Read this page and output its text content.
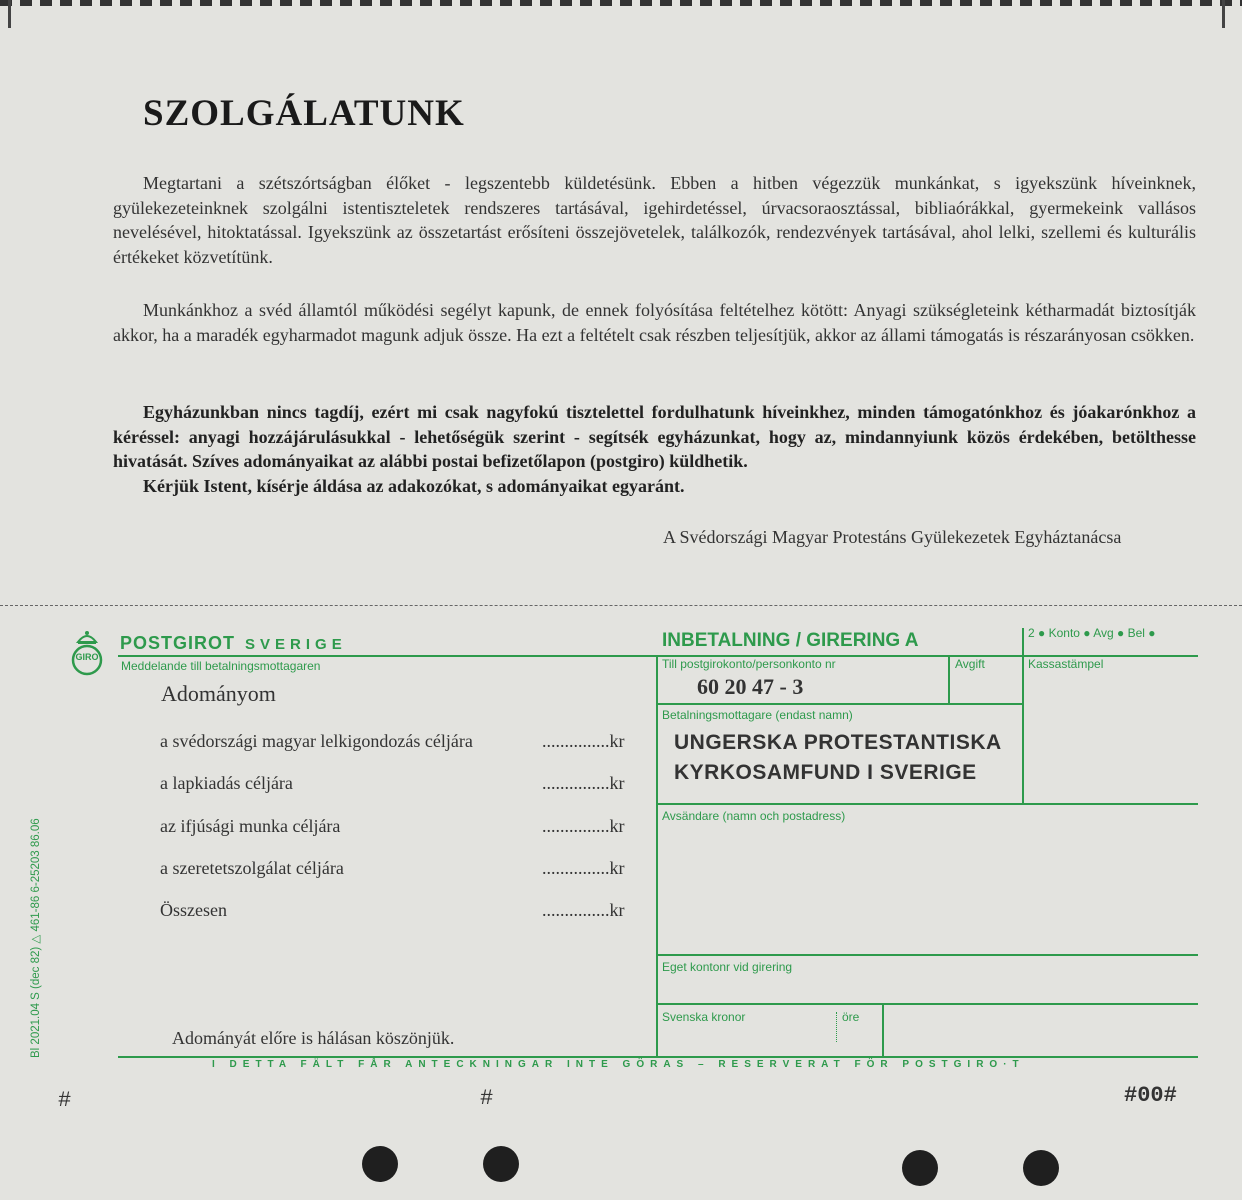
SZOLGÁLATUNK
Megtartani a szétszórtságban élőket - legszentebb küldetésünk. Ebben a hitben végezzük munkánkat, s igyekszünk híveinknek, gyülekezeteinknek szolgálni istentiszteletek rendszeres tartásával, igehirdetéssel, úrvacsoraosztással, bibliaórákkal, gyermekeink vallásos nevelésével, hitoktatással. Igyekszünk az összetartást erősíteni összejövetelek, találkozók, rendezvények tartásával, ahol lelki, szellemi és kulturális értékeket közvetítünk.
Munkánkhoz a svéd államtól működési segélyt kapunk, de ennek folyósítása feltételhez kötött: Anyagi szükségleteink kétharmadát biztosítják akkor, ha a maradék egyharmadot magunk adjuk össze. Ha ezt a feltételt csak részben teljesítjük, akkor az állami támogatás is részarányosan csökken.
Egyházunkban nincs tagdíj, ezért mi csak nagyfokú tisztelettel fordulhatunk híveinkhez, minden támogatónkhoz és jóakarónkhoz a kéréssel: anyagi hozzájárulásukkal - lehetőségük szerint - segítsék egyházunkat, hogy az, mindannyiunk közös érdekében, betölthesse hivatását. Szíves adományaikat az alábbi postai befizetőlapon (postgiro) küldhetik.
Kérjük Istent, kísérje áldása az adakozókat, s adományaikat egyaránt.
A Svédországi Magyar Protestáns Gyülekezetek Egyháztanácsa
GIRO
POSTGIROT SVERIGE
Meddelande till betalningsmottagaren
INBETALNING / GIRERING A	2 ● Konto ● Avg ● Bel ●
Till postgirokonto/personkonto nr
60 20 47 - 3
Avgift	Kassastämpel
Betalningsmottagare (endast namn)
UNGERSKA PROTESTANTISKA
KYRKOSAMFUND I SVERIGE
Avsändare (namn och postadress)
Eget kontonr vid girering
Svenska kronor	öre
Adományom
a svédországi magyar lelkigondozás céljára	...............kr
a lapkiadás céljára	...............kr
az ifjúsági munka céljára	...............kr
a szeretetszolgálat céljára	...............kr
Összesen	...............kr
Adományát előre is hálásan köszönjük.
I DETTA FÄLT FÅR ANTECKNINGAR INTE GÖRAS – RESERVERAT FÖR POSTGIRO·T
Bl 2021.04 S (dec 82) △ 461-86 6-25203 86.06
#	#	#00#
